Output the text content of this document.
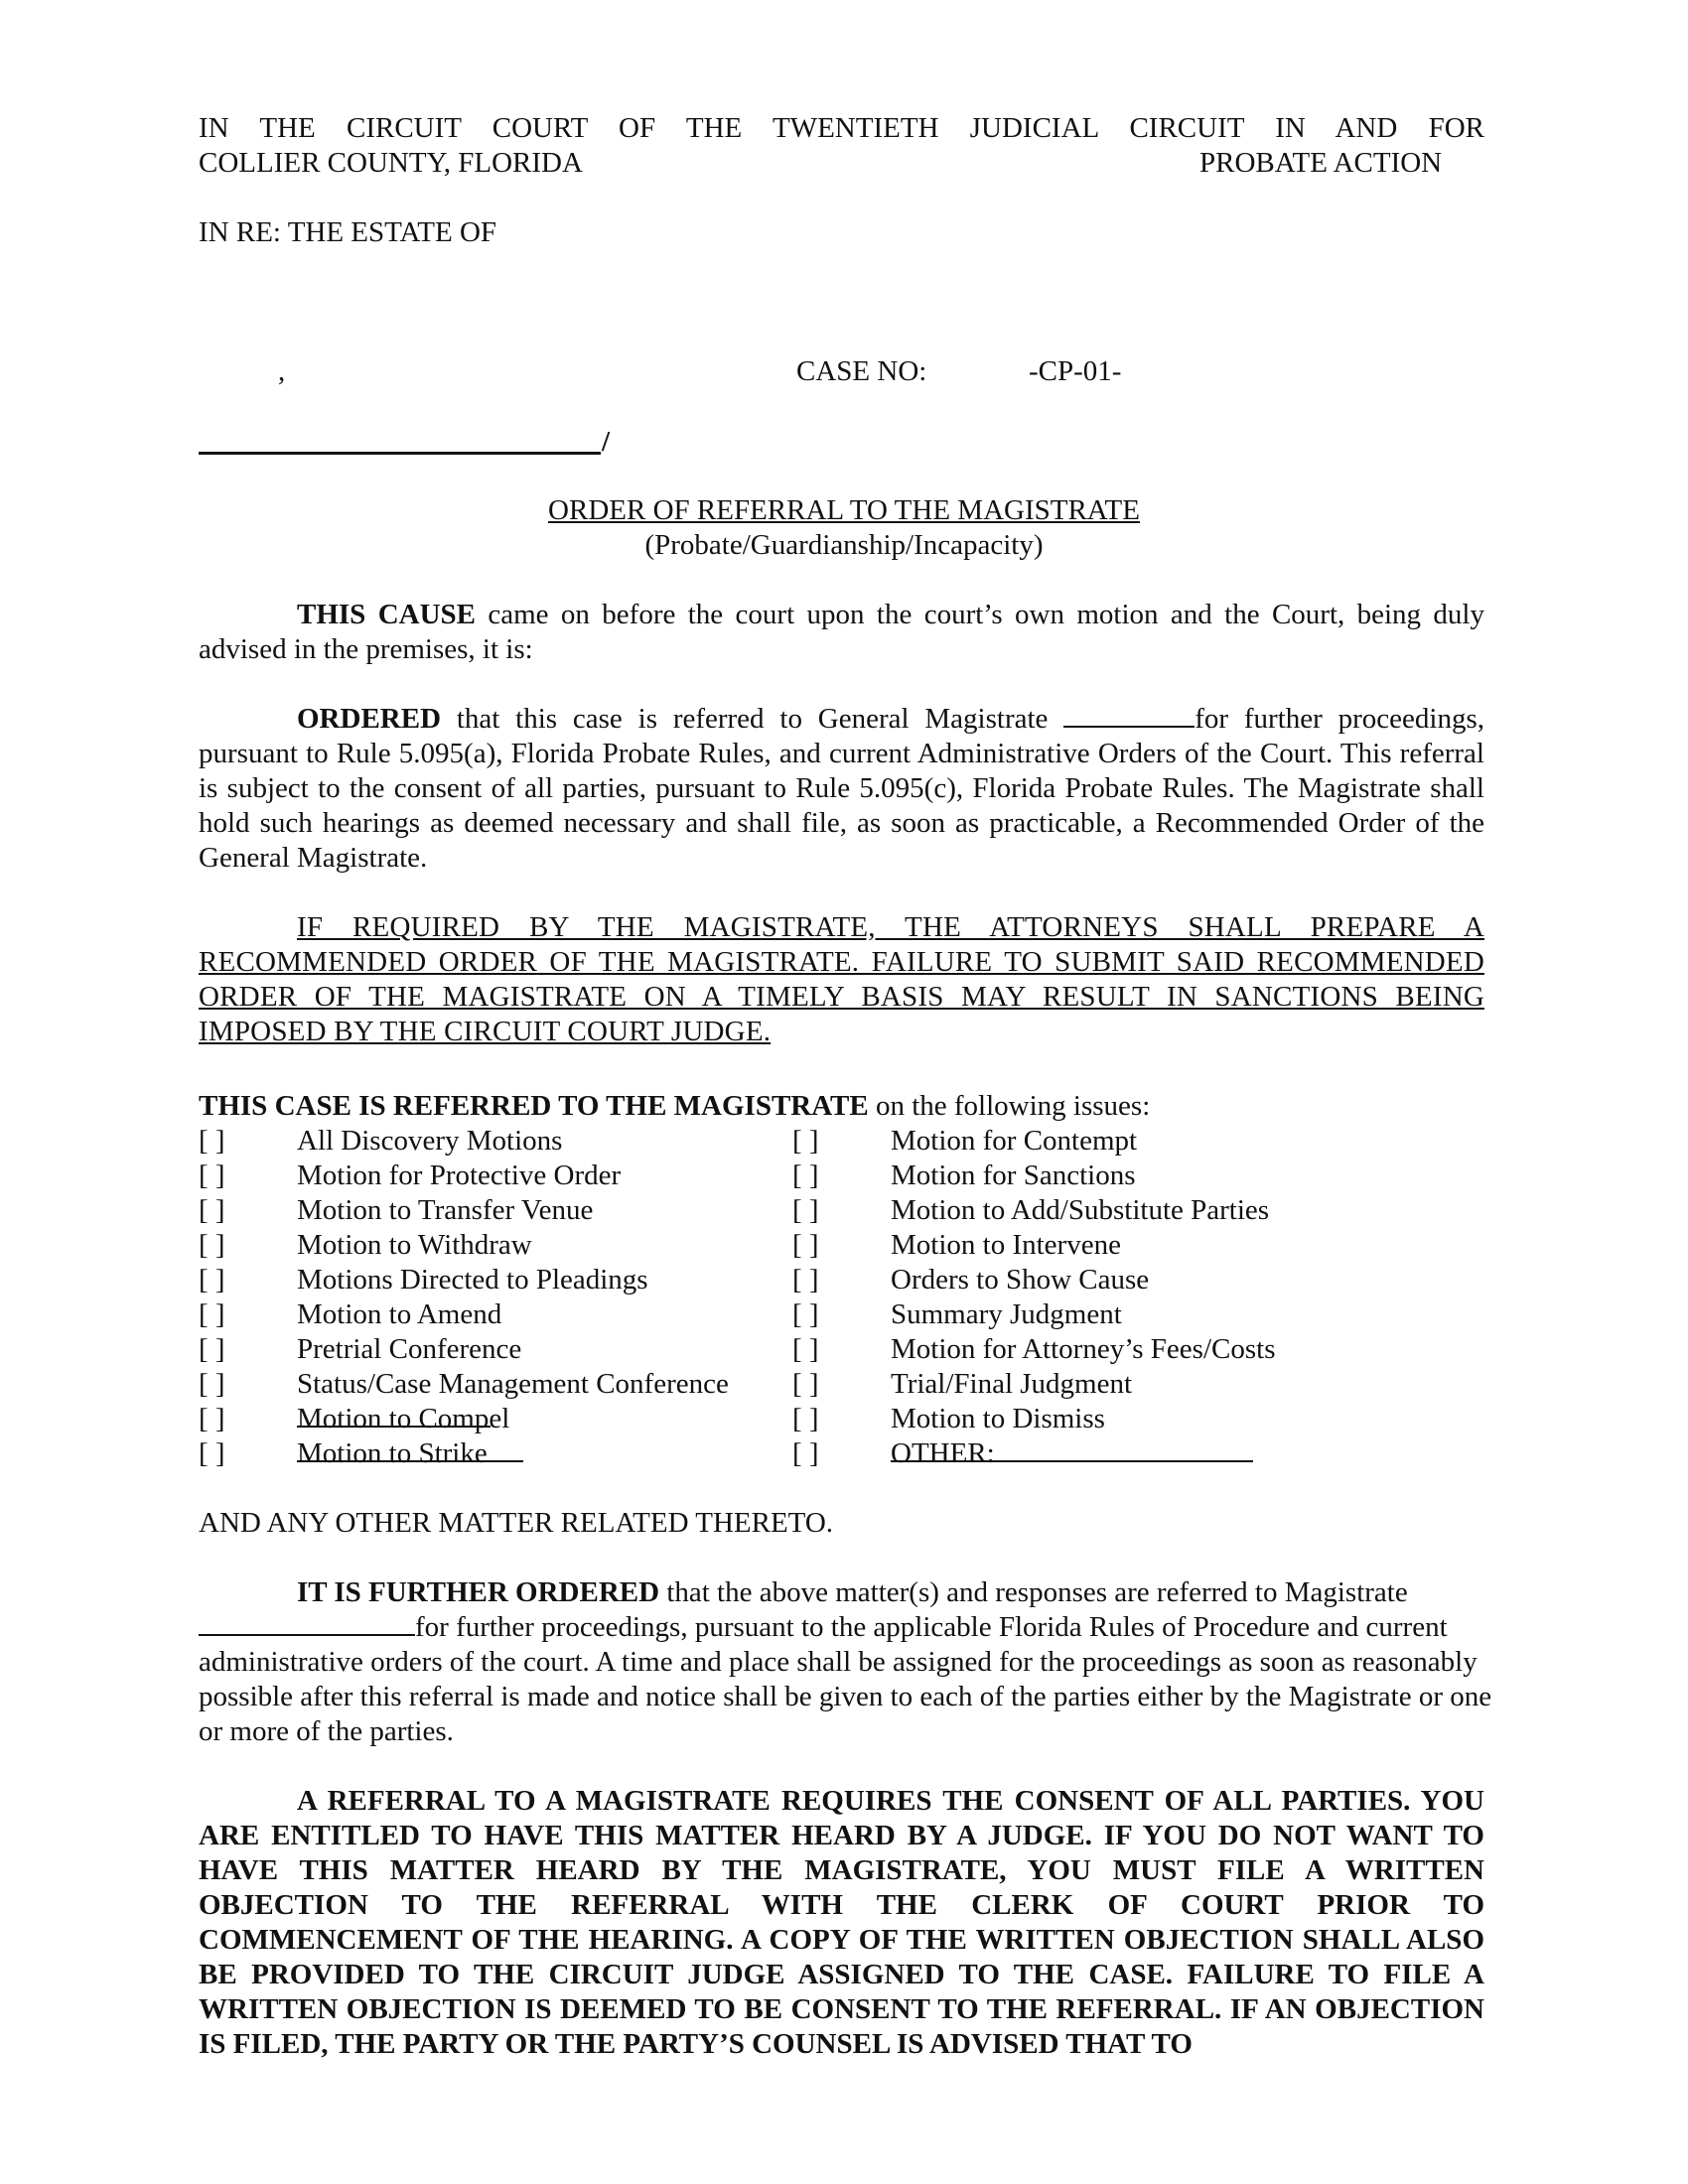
IN THE CIRCUIT COURT OF THE TWENTIETH JUDICIAL CIRCUIT IN AND FOR
COLLIER COUNTY, FLORIDA	PROBATE ACTION
IN RE: THE ESTATE OF
,	CASE NO:	-CP-01-
/
ORDER OF REFERRAL TO THE MAGISTRATE
(Probate/Guardianship/Incapacity)
THIS CAUSE came on before the court upon the court’s own motion and the Court, being duly advised in the premises, it is:
ORDERED that this case is referred to General Magistrate	for further proceedings, pursuant to Rule 5.095(a), Florida Probate Rules, and current Administrative Orders of the Court. This referral is subject to the consent of all parties, pursuant to Rule 5.095(c), Florida Probate Rules. The Magistrate shall hold such hearings as deemed necessary and shall file, as soon as practicable, a Recommended Order of the General Magistrate.
IF REQUIRED BY THE MAGISTRATE, THE ATTORNEYS SHALL PREPARE A RECOMMENDED ORDER OF THE MAGISTRATE. FAILURE TO SUBMIT SAID RECOMMENDED ORDER OF THE MAGISTRATE ON A TIMELY BASIS MAY RESULT IN SANCTIONS BEING IMPOSED BY THE CIRCUIT COURT JUDGE.
THIS CASE IS REFERRED TO THE MAGISTRATE on the following issues:
[ ] All Discovery Motions	[ ] Motion for Contempt
[ ] Motion for Protective Order	[ ] Motion for Sanctions
[ ] Motion to Transfer Venue	[ ] Motion to Add/Substitute Parties
[ ] Motion to Withdraw	[ ] Motion to Intervene
[ ] Motions Directed to Pleadings	[ ] Orders to Show Cause
[ ] Motion to Amend	[ ] Summary Judgment
[ ] Pretrial Conference	[ ] Motion for Attorney’s Fees/Costs
[ ] Status/Case Management Conference [ ] Trial/Final Judgment
[ ] Motion to Compel	[ ] Motion to Dismiss
[ ] Motion to Strike	[ ] OTHER:
AND ANY OTHER MATTER RELATED THERETO.
IT IS FURTHER ORDERED that the above matter(s) and responses are referred to Magistrate
for further proceedings, pursuant to the applicable Florida Rules of Procedure and current administrative orders of the court. A time and place shall be assigned for the proceedings as soon as reasonably possible after this referral is made and notice shall be given to each of the parties either by the Magistrate or one or more of the parties.
A REFERRAL TO A MAGISTRATE REQUIRES THE CONSENT OF ALL PARTIES. YOU ARE ENTITLED TO HAVE THIS MATTER HEARD BY A JUDGE. IF YOU DO NOT WANT TO HAVE THIS MATTER HEARD BY THE MAGISTRATE, YOU MUST FILE A WRITTEN OBJECTION TO THE REFERRAL WITH THE CLERK OF COURT PRIOR TO COMMENCEMENT OF THE HEARING. A COPY OF THE WRITTEN OBJECTION SHALL ALSO BE PROVIDED TO THE CIRCUIT JUDGE ASSIGNED TO THE CASE. FAILURE TO FILE A WRITTEN OBJECTION IS DEEMED TO BE CONSENT TO THE REFERRAL. IF AN OBJECTION IS FILED, THE PARTY OR THE PARTY’S COUNSEL IS ADVISED THAT TO
